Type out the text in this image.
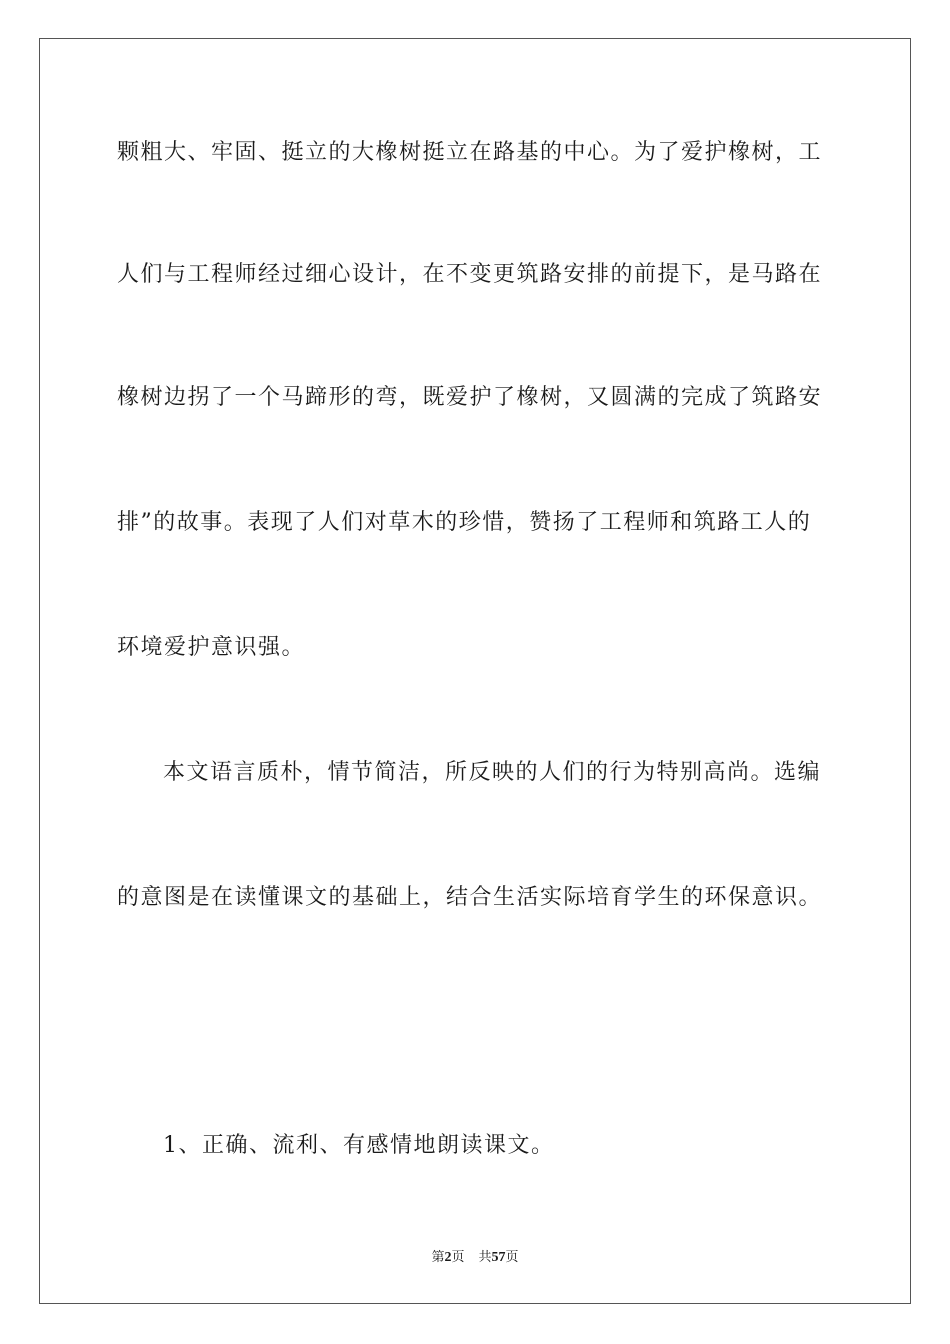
颗粗大、牢固、挺立的大橡树挺立在路基的中心。为了爱护橡树，工
人们与工程师经过细心设计，在不变更筑路安排的前提下，是马路在
橡树边拐了一个马蹄形的弯，既爱护了橡树，又圆满的完成了筑路安
排”的故事。表现了人们对草木的珍惜，赞扬了工程师和筑路工人的
环境爱护意识强。
本文语言质朴，情节简洁，所反映的人们的行为特别高尚。选编
的意图是在读懂课文的基础上，结合生活实际培育学生的环保意识。
1、正确、流利、有感情地朗读课文。
第2页 共57页
